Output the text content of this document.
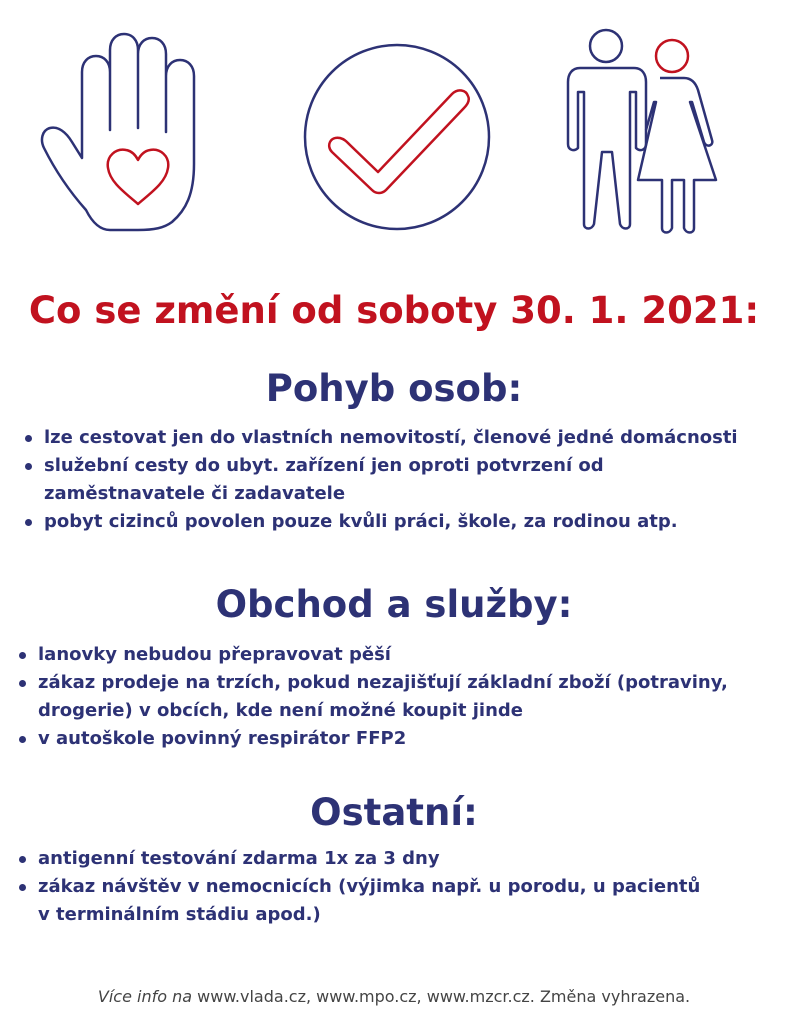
Co se změní od soboty 30. 1. 2021:
Pohyb osob:
lze cestovat jen do vlastních nemovitostí, členové jedné domácnosti
služební cesty do ubyt. zařízení jen oproti potvrzení od
zaměstnavatele či zadavatele
pobyt cizinců povolen pouze kvůli práci, škole, za rodinou atp.
Obchod a služby:
lanovky nebudou přepravovat pěší
zákaz prodeje na trzích, pokud nezajišťují základní zboží (potraviny,
drogerie) v obcích, kde není možné koupit jinde
v autoškole povinný respirátor FFP2
Ostatní:
antigenní testování zdarma 1x za 3 dny
zákaz návštěv v nemocnicích (výjimka např. u porodu, u pacientů
v terminálním stádiu apod.)
Více info na www.vlada.cz, www.mpo.cz, www.mzcr.cz. Změna vyhrazena.
